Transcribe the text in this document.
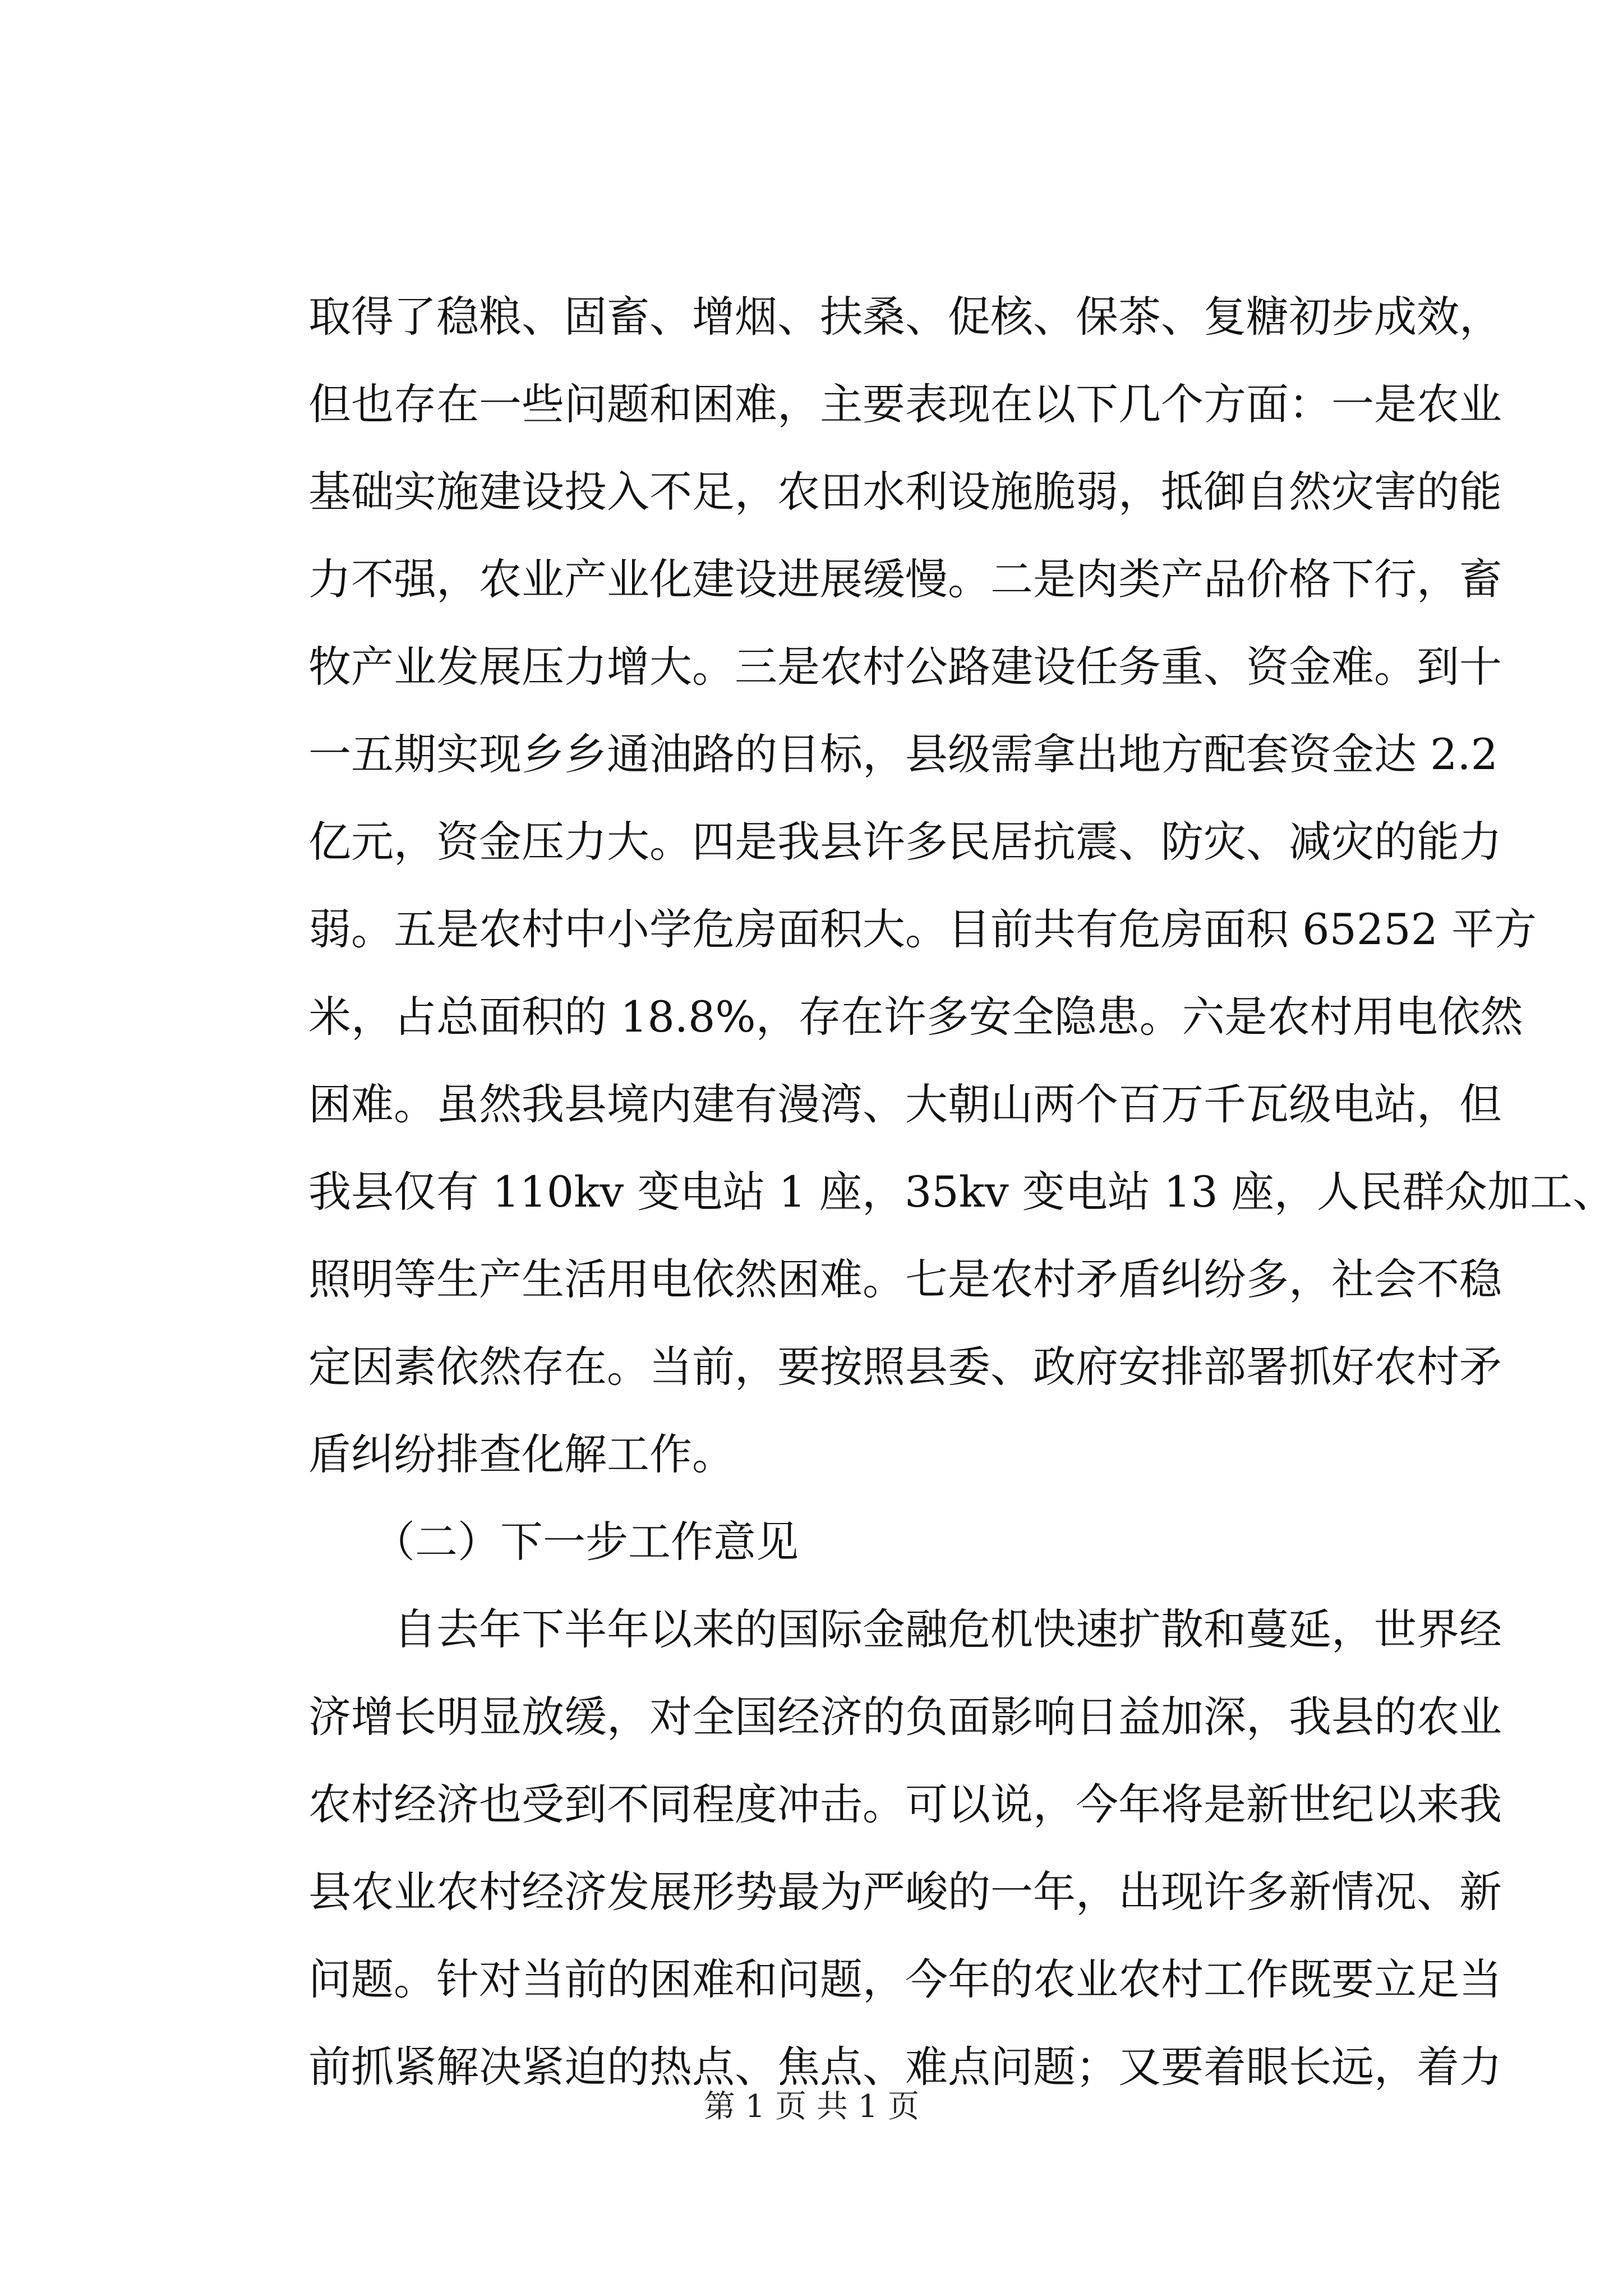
取得了稳粮、固畜、增烟、扶桑、促核、保茶、复糖初步成效，
但也存在一些问题和困难，主要表现在以下几个方面：一是农业
基础实施建设投入不足，农田水利设施脆弱，抵御自然灾害的能
力不强，农业产业化建设进展缓慢。二是肉类产品价格下行，畜
牧产业发展压力增大。三是农村公路建设任务重、资金难。到十
一五期实现乡乡通油路的目标，县级需拿出地方配套资金达 2.2
亿元，资金压力大。四是我县许多民居抗震、防灾、减灾的能力
弱。五是农村中小学危房面积大。目前共有危房面积 65252 平方
米，占总面积的 18.8%，存在许多安全隐患。六是农村用电依然
困难。虽然我县境内建有漫湾、大朝山两个百万千瓦级电站，但
我县仅有 110kv 变电站 1 座，35kv 变电站 13 座，人民群众加工、
照明等生产生活用电依然困难。七是农村矛盾纠纷多，社会不稳
定因素依然存在。当前，要按照县委、政府安排部署抓好农村矛
盾纠纷排查化解工作。
　　（二）下一步工作意见
　　自去年下半年以来的国际金融危机快速扩散和蔓延，世界经
济增长明显放缓，对全国经济的负面影响日益加深，我县的农业
农村经济也受到不同程度冲击。可以说，今年将是新世纪以来我
县农业农村经济发展形势最为严峻的一年，出现许多新情况、新
问题。针对当前的困难和问题，今年的农业农村工作既要立足当
前抓紧解决紧迫的热点、焦点、难点问题；又要着眼长远，着力
第 1 页 共 1 页
